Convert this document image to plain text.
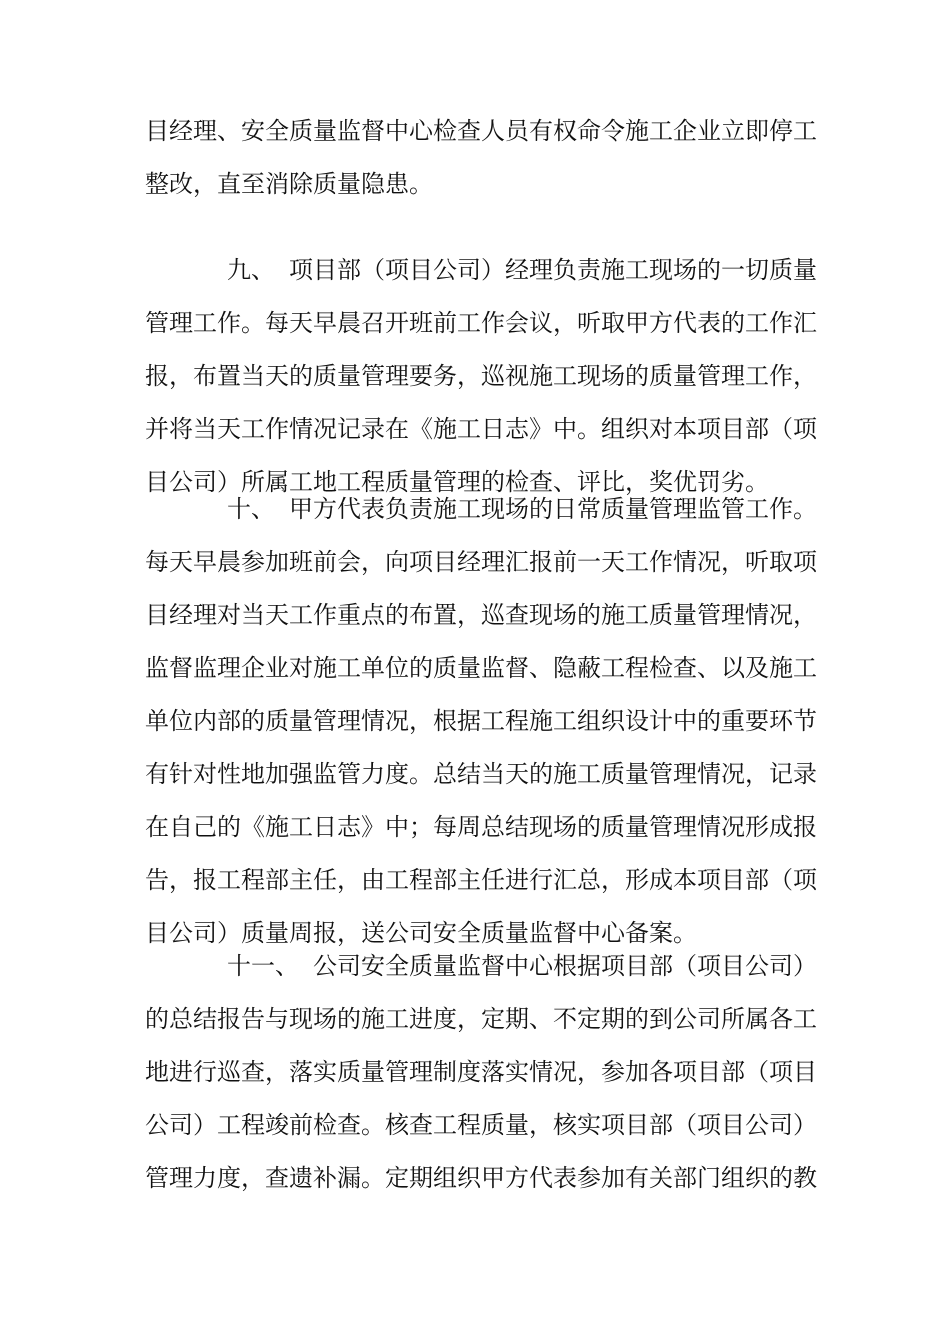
目经理、安全质量监督中心检查人员有权命令施工企业立即停工
整改，直至消除质量隐患。
九、 项目部（项目公司）经理负责施工现场的一切质量
管理工作。每天早晨召开班前工作会议，听取甲方代表的工作汇
报，布置当天的质量管理要务，巡视施工现场的质量管理工作，
并将当天工作情况记录在《施工日志》中。组织对本项目部（项
目公司）所属工地工程质量管理的检查、评比，奖优罚劣。
十、 甲方代表负责施工现场的日常质量管理监管工作。
每天早晨参加班前会，向项目经理汇报前一天工作情况，听取项
目经理对当天工作重点的布置，巡查现场的施工质量管理情况，
监督监理企业对施工单位的质量监督、隐蔽工程检查、以及施工
单位内部的质量管理情况，根据工程施工组织设计中的重要环节
有针对性地加强监管力度。总结当天的施工质量管理情况，记录
在自己的《施工日志》中；每周总结现场的质量管理情况形成报
告，报工程部主任，由工程部主任进行汇总，形成本项目部（项
目公司）质量周报，送公司安全质量监督中心备案。
十一、 公司安全质量监督中心根据项目部（项目公司）
的总结报告与现场的施工进度，定期、不定期的到公司所属各工
地进行巡查，落实质量管理制度落实情况，参加各项目部（项目
公司）工程竣前检查。核查工程质量，核实项目部（项目公司）
管理力度，查遗补漏。定期组织甲方代表参加有关部门组织的教
